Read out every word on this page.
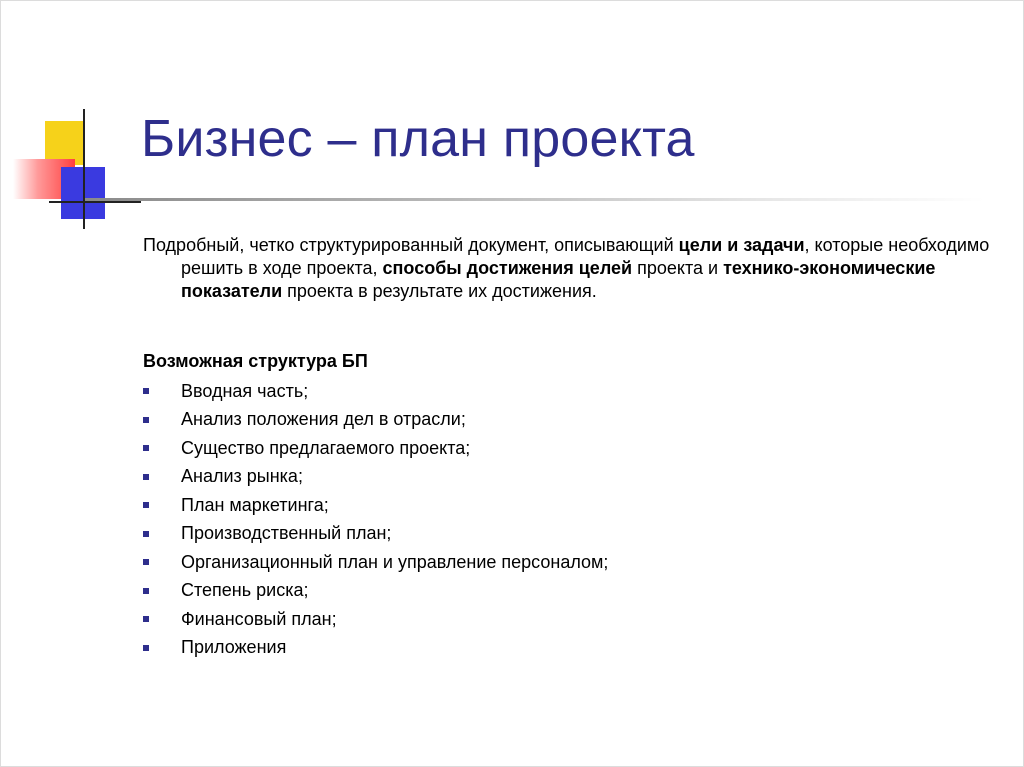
Бизнес – план проекта

Подробный, четко структурированный документ, описывающий цели и задачи, которые необходимо решить в ходе проекта, способы достижения целей проекта и технико-экономические показатели проекта в результате их достижения.

Возможная структура БП
Вводная часть;
Анализ положения дел в отрасли;
Существо предлагаемого проекта;
Анализ рынка;
План маркетинга;
Производственный план;
Организационный план и управление персоналом;
Степень риска;
Финансовый план;
Приложения
